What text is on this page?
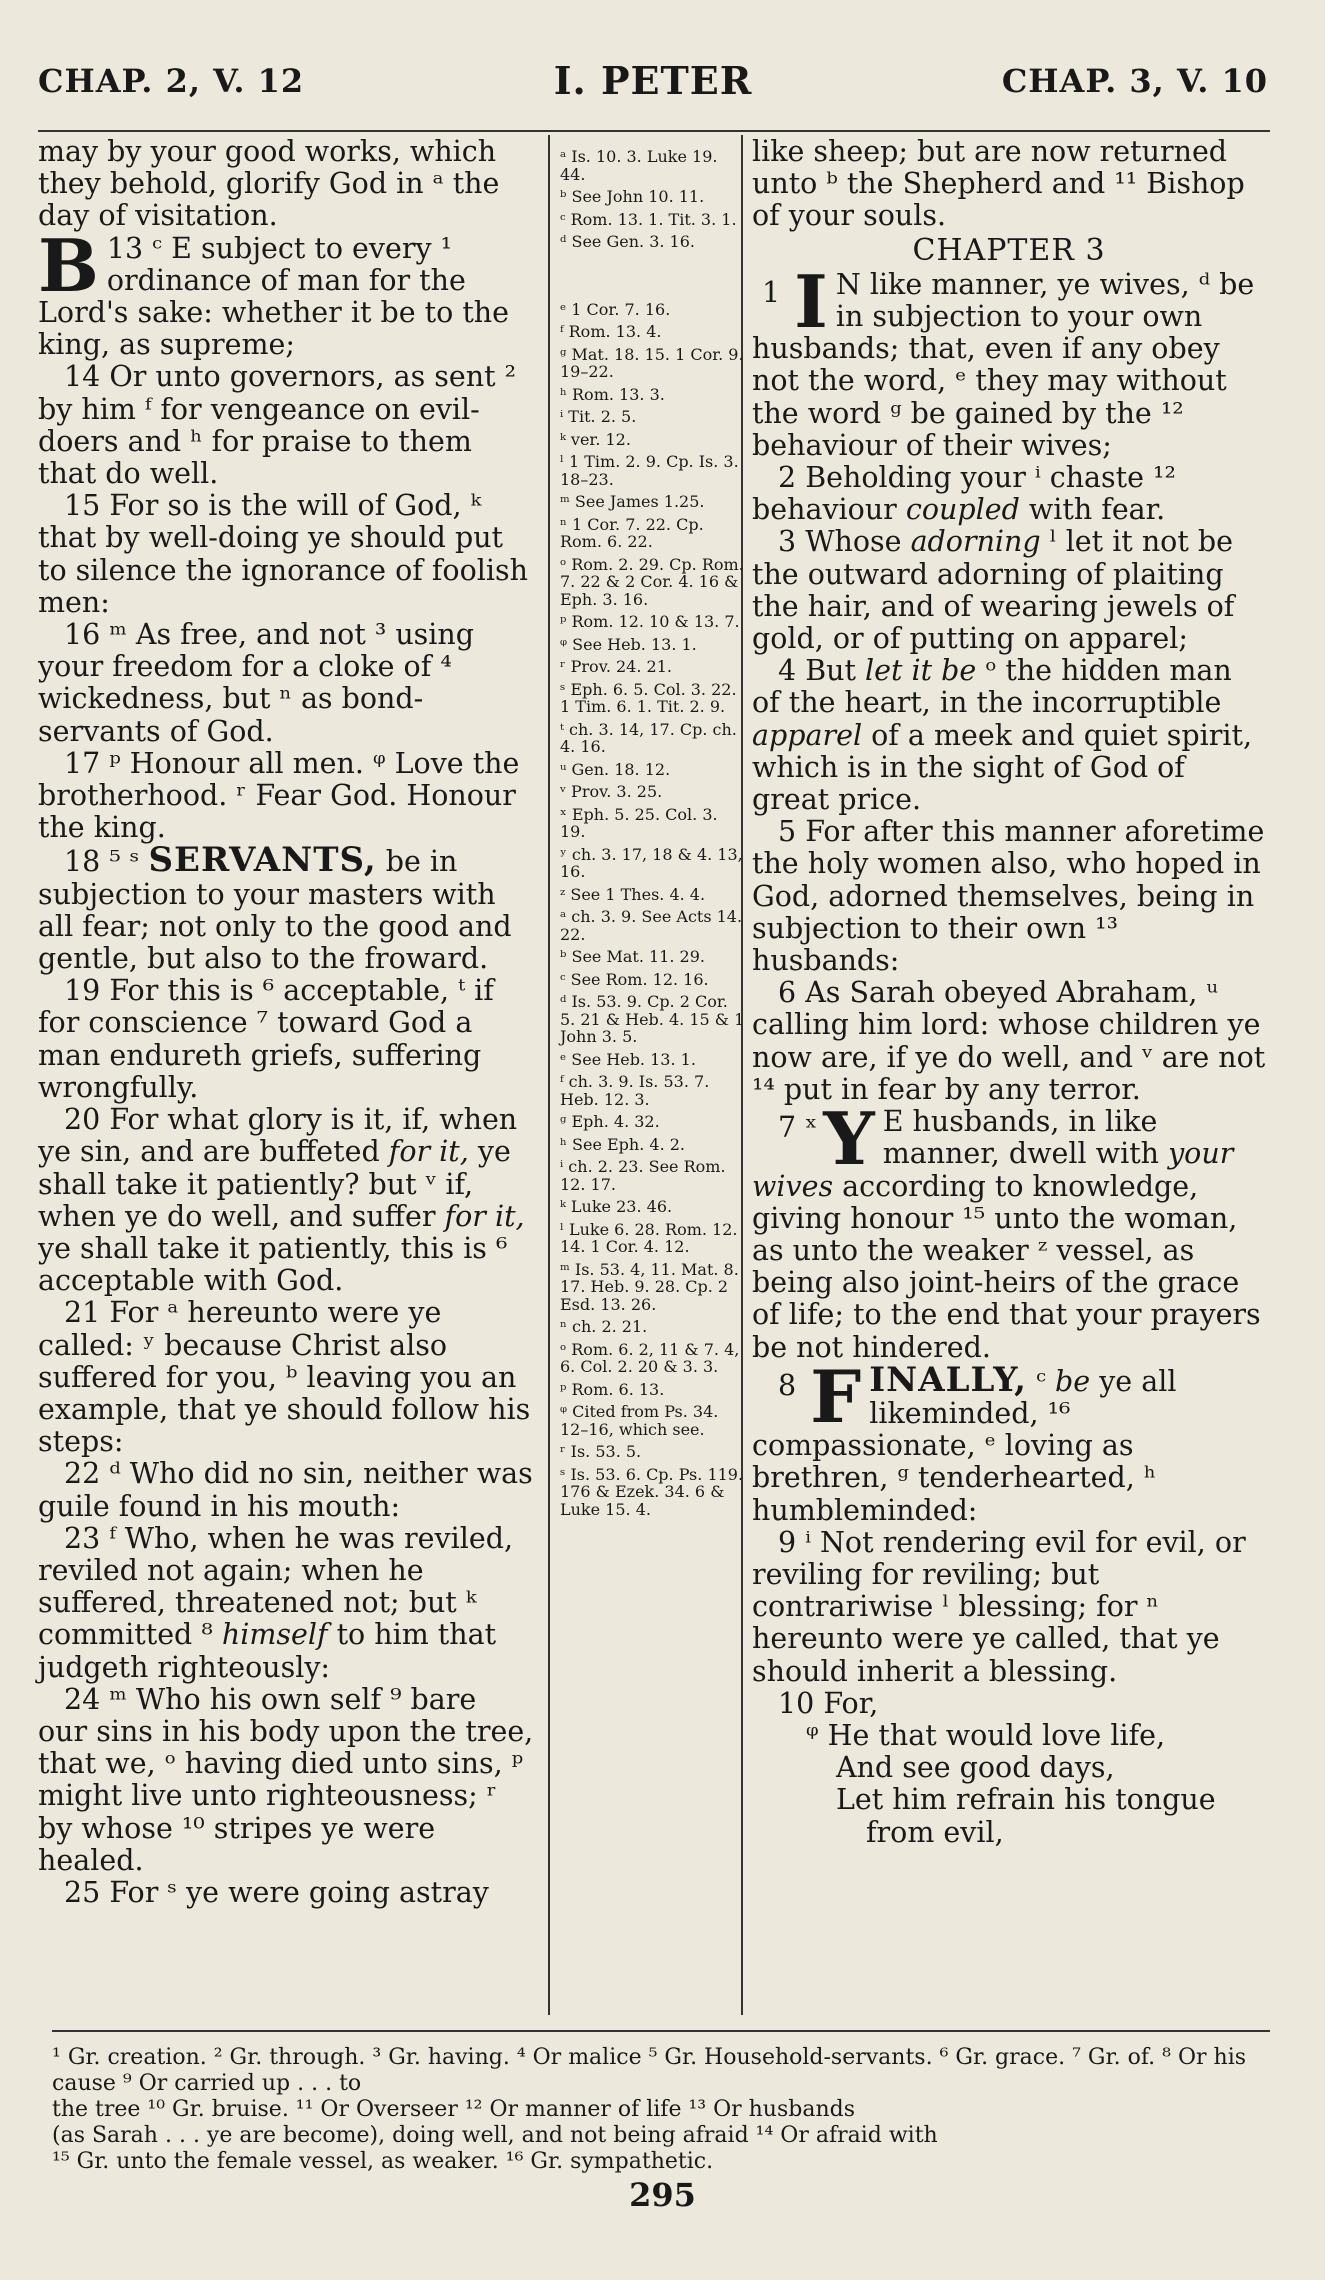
CHAP. 2, V. 12	I. PETER	CHAP. 3, V. 10

may by your good works, which they behold, glorify God in ᵃ the day of visitation.

B 13 ᶜ E subject to every ¹ ordinance of man for the Lord's sake: whether it be to the king, as supreme;

14 Or unto governors, as sent ² by him ᶠ for vengeance on evil-doers and ʰ for praise to them that do well.

15 For so is the will of God, ᵏ that by well-doing ye should put to silence the ignorance of foolish men:

16 ᵐ As free, and not ³ using your freedom for a cloke of ⁴ wickedness, but ⁿ as bond-servants of God.

17 ᵖ Honour all men. ᵠ Love the brotherhood. ʳ Fear God. Honour the king.

18 ⁵ ˢ SERVANTS, be in subjection to your masters with all fear; not only to the good and gentle, but also to the froward.

19 For this is ⁶ acceptable, ᵗ if for conscience ⁷ toward God a man endureth griefs, suffering wrongfully.

20 For what glory is it, if, when ye sin, and are buffeted for it, ye shall take it patiently? but ᵛ if, when ye do well, and suffer for it, ye shall take it patiently, this is ⁶ acceptable with God.

21 For ᵃ hereunto were ye called: ʸ because Christ also suffered for you, ᵇ leaving you an example, that ye should follow his steps:

22 ᵈ Who did no sin, neither was guile found in his mouth:

23 ᶠ Who, when he was reviled, reviled not again; when he suffered, threatened not; but ᵏ committed ⁸ himself to him that judgeth righteously:

24 ᵐ Who his own self ⁹ bare our sins in his body upon the tree, that we, ᵒ having died unto sins, ᵖ might live unto righteousness; ʳ by whose ¹⁰ stripes ye were healed.

25 For ˢ ye were going astray

ᵃ Is. 10. 3. Luke 19. 44.
ᵇ See John 10. 11.
ᶜ Rom. 13. 1. Tit. 3. 1.
ᵈ See Gen. 3. 16.
ᵉ 1 Cor. 7. 16.
ᶠ Rom. 13. 4.
ᵍ Mat. 18. 15. 1 Cor. 9. 19–22.
ʰ Rom. 13. 3.
ⁱ Tit. 2. 5.
ᵏ ver. 12.
ˡ 1 Tim. 2. 9. Cp. Is. 3. 18–23.
ᵐ See James 1.25.
ⁿ 1 Cor. 7. 22. Cp. Rom. 6. 22.
ᵒ Rom. 2. 29. Cp. Rom. 7. 22 & 2 Cor. 4. 16 & Eph. 3. 16.
ᵖ Rom. 12. 10 & 13. 7.
ᵠ See Heb. 13. 1.
ʳ Prov. 24. 21.
ˢ Eph. 6. 5. Col. 3. 22. 1 Tim. 6. 1. Tit. 2. 9.
ᵗ ch. 3. 14, 17. Cp. ch. 4. 16.
ᵘ Gen. 18. 12.
ᵛ Prov. 3. 25.
ˣ Eph. 5. 25. Col. 3. 19.
ʸ ch. 3. 17, 18 & 4. 13, 16.
ᶻ See 1 Thes. 4. 4.
ᵃ ch. 3. 9. See Acts 14. 22.
ᵇ See Mat. 11. 29.
ᶜ See Rom. 12. 16.
ᵈ Is. 53. 9. Cp. 2 Cor. 5. 21 & Heb. 4. 15 & 1 John 3. 5.
ᵉ See Heb. 13. 1.
ᶠ ch. 3. 9. Is. 53. 7. Heb. 12. 3.
ᵍ Eph. 4. 32.
ʰ See Eph. 4. 2.
ⁱ ch. 2. 23. See Rom. 12. 17.
ᵏ Luke 23. 46.
ˡ Luke 6. 28. Rom. 12. 14. 1 Cor. 4. 12.
ᵐ Is. 53. 4, 11. Mat. 8. 17. Heb. 9. 28. Cp. 2 Esd. 13. 26.
ⁿ ch. 2. 21.
ᵒ Rom. 6. 2, 11 & 7. 4, 6. Col. 2. 20 & 3. 3.
ᵖ Rom. 6. 13.
ᵠ Cited from Ps. 34. 12–16, which see.
ʳ Is. 53. 5.
ˢ Is. 53. 6. Cp. Ps. 119. 176 & Ezek. 34. 6 & Luke 15. 4.

like sheep; but are now returned unto ᵇ the Shepherd and ¹¹ Bishop of your souls.

CHAPTER 3
1 I N like manner, ye wives, ᵈ be in subjection to your own husbands; that, even if any obey not the word, ᵉ they may without the word ᵍ be gained by the ¹² behaviour of their wives;

2 Beholding your ⁱ chaste ¹² behaviour coupled with fear.

3 Whose adorning ˡ let it not be the outward adorning of plaiting the hair, and of wearing jewels of gold, or of putting on apparel;

4 But let it be ᵒ the hidden man of the heart, in the incorruptible apparel of a meek and quiet spirit, which is in the sight of God of great price.

5 For after this manner aforetime the holy women also, who hoped in God, adorned themselves, being in subjection to their own ¹³ husbands:

6 As Sarah obeyed Abraham, ᵘ calling him lord: whose children ye now are, if ye do well, and ᵛ are not ¹⁴ put in fear by any terror.

7 ˣ Y E husbands, in like manner, dwell with your wives according to knowledge, giving honour ¹⁵ unto the woman, as unto the weaker ᶻ vessel, as being also joint-heirs of the grace of life; to the end that your prayers be not hindered.
8 F INALLY, ᶜ be ye all likeminded, ¹⁶ compassionate, ᵉ loving as brethren, ᵍ tenderhearted, ʰ humbleminded:

9 ⁱ Not rendering evil for evil, or reviling for reviling; but contrariwise ˡ blessing; for ⁿ hereunto were ye called, that ye should inherit a blessing.

10 For,

ᵠ He that would love life,
And see good days,
Let him refrain his tongue
from evil,
¹ Gr. creation. ² Gr. through. ³ Gr. having. ⁴ Or malice ⁵ Gr. Household-servants. ⁶ Gr. grace. ⁷ Gr. of. ⁸ Or his cause ⁹ Or carried up . . . to
the tree ¹⁰ Gr. bruise. ¹¹ Or Overseer ¹² Or manner of life ¹³ Or husbands
(as Sarah . . . ye are become), doing well, and not being afraid ¹⁴ Or afraid with
¹⁵ Gr. unto the female vessel, as weaker. ¹⁶ Gr. sympathetic.
295
